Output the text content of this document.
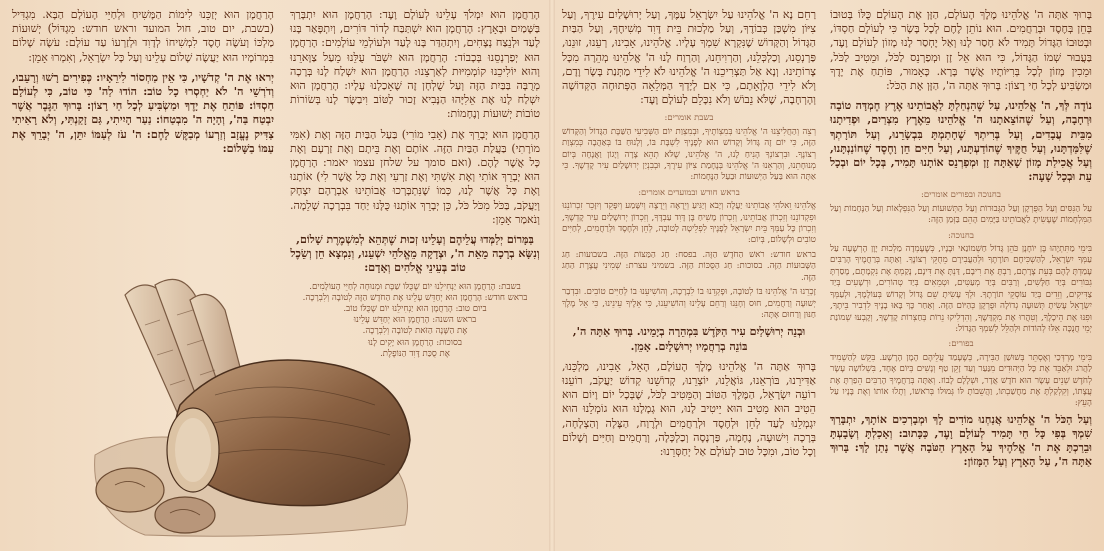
בָּרוּךְ אַתָּה ה' אֱלֹהֵינוּ מֶלֶךְ הָעוֹלָם, הַזָּן אֶת הָעוֹלָם כֻּלּוֹ בְּטוּבוֹ בְּחֵן בְּחֶסֶד וּבְרַחֲמִים. הוּא נוֹתֵן לֶחֶם לְכָל בָּשָׂר כִּי לְעוֹלָם חַסְדּוֹ, וּבְטוּבוֹ הַגָּדוֹל תָּמִיד לֹא חָסַר לָנוּ וְאַל יֶחְסַר לָנוּ מָזוֹן לְעוֹלָם וָעֶד, בַּעֲבוּר שְׁמוֹ הַגָּדוֹל, כִּי הוּא אֵל זָן וּמְפַרְנֵס לַכֹּל, וּמֵטִיב לַכֹּל, וּמֵכִין מָזוֹן לְכָל בְּרִיּוֹתָיו אֲשֶׁר בָּרָא. כָּאָמוּר, פּוֹתֵחַ אֶת יָדֶךָ וּמַשְׂבִּיעַ לְכָל חַי רָצוֹן: בָּרוּךְ אַתָּה ה', הַזָּן אֶת הַכֹּל:

נוֹדֶה לְּךָ, ה' אֱלֹהֵינוּ, עַל שֶׁהִנְחַלְתָּ לַאֲבוֹתֵינוּ אֶרֶץ חֶמְדָּה טוֹבָה וּרְחָבָה, וְעַל שֶׁהוֹצֵאתָנוּ ה' אֱלֹהֵינוּ מֵאֶרֶץ מִצְרַיִם, וּפְדִיתָנוּ מִבֵּית עֲבָדִים, וְעַל בְּרִיתְךָ שֶׁחָתַמְתָּ בִּבְשָׂרֵנוּ, וְעַל תּוֹרָתְךָ שֶׁלִּמַּדְתָּנוּ, וְעַל חֻקֶּיךָ שֶׁהוֹדַעְתָּנוּ, וְעַל חַיִּים חֵן וָחֶסֶד שֶׁחוֹנַנְתָּנוּ, וְעַל אֲכִילַת מָזוֹן שָׁאַתָּה זָן וּמְפַרְנֵס אוֹתָנוּ תָּמִיד, בְּכָל יוֹם וּבְכָל עֵת וּבְכָל שָׁעָה:

בחנוכה ובפורים אומרים:

עַל הַנִּסִּים וְעַל הַפֻּרְקָן וְעַל הַגְּבוּרוֹת וְעַל הַתְּשׁוּעוֹת וְעַל הַנִּפְלָאוֹת וְעַל הַנֶּחָמוֹת וְעַל הַמִּלְחָמוֹת שֶׁעָשִׂיתָ לַאֲבוֹתֵינוּ בַּיָּמִים הָהֵם בַּזְּמַן הַזֶּה:

בחנוכה:

בִּימֵי מַתִּתְיָהוּ בֶּן יוֹחָנָן כֹּהֵן גָּדוֹל חַשְׁמוֹנַאי וּבָנָיו, כְּשֶׁעָמְדָה מַלְכוּת יָוָן הָרְשָׁעָה עַל עַמְּךָ יִשְׂרָאֵל, לְהַשְׁכִּיחָם תּוֹרָתֶךָ וּלְהַעֲבִירָם מֵחֻקֵּי רְצוֹנֶךָ. וְאַתָּה בְּרַחֲמֶיךָ הָרַבִּים עָמַדְתָּ לָהֶם בְּעֵת צָרָתָם, רַבְתָּ אֶת רִיבָם, דַּנְתָּ אֶת דִּינָם, נָקַמְתָּ אֶת נִקְמָתָם, מָסַרְתָּ גִבּוֹרִים בְּיַד חַלָּשִׁים, וְרַבִּים בְּיַד מְעַטִּים, וּטְמֵאִים בְּיַד טְהוֹרִים, וּרְשָׁעִים בְּיַד צַדִּיקִים, וְזֵדִים בְּיַד עוֹסְקֵי תוֹרָתֶךָ. וּלְךָ עָשִׂיתָ שֵׁם גָּדוֹל וְקָדוֹשׁ בְּעוֹלָמֶךָ, וּלְעַמְּךָ יִשְׂרָאֵל עָשִׂיתָ תְּשׁוּעָה גְדוֹלָה וּפֻרְקָן כְּהַיּוֹם הַזֶּה. וְאַחַר כָּךְ בָּאוּ בָנֶיךָ לִדְבִיר בֵּיתֶךָ, וּפִנּוּ אֶת הֵיכָלֶךָ, וְטִהֲרוּ אֶת מִקְדָּשֶׁךָ, וְהִדְלִיקוּ נֵרוֹת בְּחַצְרוֹת קָדְשֶׁךָ, וְקָבְעוּ שְׁמוֹנַת יְמֵי חֲנֻכָּה אֵלּוּ לְהוֹדוֹת וּלְהַלֵּל לְשִׁמְךָ הַגָּדוֹל:

בפורים:

בִּימֵי מָרְדְּכַי וְאֶסְתֵּר בְּשׁוּשַׁן הַבִּירָה, כְּשֶׁעָמַד עֲלֵיהֶם הָמָן הָרָשָׁע. בִּקֵּשׁ לְהַשְׁמִיד לַהֲרֹג וּלְאַבֵּד אֶת כָּל הַיְּהוּדִים מִנַּעַר וְעַד זָקֵן טַף וְנָשִׁים בְּיוֹם אֶחָד, בִּשְׁלוֹשָׁה עָשָׂר לְחֹדֶשׁ שְׁנֵים עָשָׂר הוּא חֹדֶשׁ אֲדָר, וּשְׁלָלָם לָבוֹז. וְאַתָּה בְּרַחֲמֶיךָ הָרַבִּים הֵפַרְתָּ אֶת עֲצָתוֹ, וְקִלְקַלְתָּ אֶת מַחֲשַׁבְתּוֹ, וַהֲשֵׁבוֹתָ לּוֹ גְּמוּלוֹ בְּרֹאשׁוֹ, וְתָלוּ אוֹתוֹ וְאֶת בָּנָיו עַל הָעֵץ:

וְעַל הַכֹּל ה' אֱלֹהֵינוּ אֲנַחְנוּ מוֹדִים לָךְ וּמְבָרְכִים אוֹתָךְ, יִתְבָּרַךְ שִׁמְךָ בְּפִי כָּל חַי תָּמִיד לְעוֹלָם וָעֶד, כַּכָּתוּב: וְאָכַלְתָּ וְשָׂבָעְתָּ וּבֵרַכְתָּ אֶת ה' אֱלֹהֶיךָ עַל הָאָרֶץ הַטֹּבָה אֲשֶׁר נָתַן לָךְ: בָּרוּךְ אַתָּה ה', עַל הָאָרֶץ וְעַל הַמָּזוֹן:

רַחֵם נָא ה' אֱלֹהֵינוּ עַל יִשְׂרָאֵל עַמֶּךָ, וְעַל יְרוּשָׁלַיִם עִירֶךָ, וְעַל צִיּוֹן מִשְׁכַּן כְּבוֹדֶךָ, וְעַל מַלְכוּת בֵּית דָּוִד מְשִׁיחֶךָ, וְעַל הַבַּיִת הַגָּדוֹל וְהַקָּדוֹשׁ שֶׁנִּקְרָא שִׁמְךָ עָלָיו. אֱלֹהֵינוּ, אָבִינוּ, רְעֵנוּ, זוּנֵנוּ, פַּרְנְסֵנוּ, וְכַלְכְּלֵנוּ, וְהַרְוִיחֵנוּ, וְהַרְוַח לָנוּ ה' אֱלֹהֵינוּ מְהֵרָה מִכָּל צָרוֹתֵינוּ. וְנָא אַל תַּצְרִיכֵנוּ ה' אֱלֹהֵינוּ לֹא לִידֵי מַתְּנַת בָּשָׂר וָדָם, וְלֹא לִידֵי הַלְוָאָתָם, כִּי אִם לְיָדְךָ הַמְּלֵאָה הַפְּתוּחָה הַקְּדוֹשָׁה וְהָרְחָבָה, שֶׁלֹּא נֵבוֹשׁ וְלֹא נִכָּלֵם לְעוֹלָם וָעֶד:

בשבת אומרים:

רְצֵה וְהַחֲלִיצֵנוּ ה' אֱלֹהֵינוּ בְּמִצְוֹתֶיךָ, וּבְמִצְוַת יוֹם הַשְּׁבִיעִי הַשַּׁבָּת הַגָּדוֹל וְהַקָּדוֹשׁ הַזֶּה, כִּי יוֹם זֶה גָּדוֹל וְקָדוֹשׁ הוּא לְפָנֶיךָ לִשְׁבָּת בּוֹ, וְלָנוּחַ בּוֹ בְּאַהֲבָה כְּמִצְוַת רְצוֹנֶךָ. וּבִרְצוֹנְךָ הָנִיחַ לָנוּ, ה' אֱלֹהֵינוּ, שֶׁלֹּא תְהֵא צָרָה וְיָגוֹן וַאֲנָחָה בְּיוֹם מְנוּחָתֵנוּ, וְהַרְאֵנוּ ה' אֱלֹהֵינוּ בְּנֶחָמַת צִיּוֹן עִירֶךָ, וּבְבִנְיַן יְרוּשָׁלַיִם עִיר קָדְשֶׁךָ. כִּי אַתָּה הוּא בַּעַל הַיְשׁוּעוֹת וּבַעַל הַנֶּחָמוֹת:

בראש חודש ובמועדים אומרים:

אֱלֹהֵינוּ וֵאלֹהֵי אֲבוֹתֵינוּ יַעֲלֶה וְיָבֹא וְיַגִּיעַ וְיֵרָאֶה וְיֵרָצֶה וְיִשָּׁמַע וְיִפָּקֵד וְיִזָּכֵר זִכְרוֹנֵנוּ וּפִקְדוֹנֵנוּ וְזִכְרוֹן אֲבוֹתֵינוּ, וְזִכְרוֹן מָשִׁיחַ בֶּן דָּוִד עַבְדֶּךָ, וְזִכְרוֹן יְרוּשָׁלַיִם עִיר קָדְשֶׁךָ, וְזִכְרוֹן כָּל עַמְּךָ בֵּית יִשְׂרָאֵל לְפָנֶיךָ לִפְלֵיטָה לְטוֹבָה, לְחֵן וּלְחֶסֶד וּלְרַחֲמִים, לְחַיִּים טוֹבִים וּלְשָׁלוֹם, בְּיוֹם:

בראש חודש: רֹאשׁ הַחֹדֶשׁ הַזֶּה. בפסח: חַג הַמַּצּוֹת הַזֶּה. בשבועות: חַג הַשָּׁבוּעוֹת הַזֶּה. בסוכות: חַג הַסֻּכּוֹת הַזֶּה. בשמיני עצרת: שְׁמִינִי עֲצֶרֶת הַחַג הַזֶּה.

זָכְרֵנוּ ה' אֱלֹהֵינוּ בּוֹ לְטוֹבָה, וּפָקְדֵנוּ בוֹ לִבְרָכָה, וְהוֹשִׁיעֵנוּ בוֹ לְחַיִּים טוֹבִים. וּבִדְבַר יְשׁוּעָה וְרַחֲמִים, חוּס וְחָנֵּנוּ וְרַחֵם עָלֵינוּ וְהוֹשִׁיעֵנוּ, כִּי אֵלֶיךָ עֵינֵינוּ, כִּי אֵל מֶלֶךְ חַנּוּן וְרַחוּם אָתָּה:

וּבְנֵה יְרוּשָׁלַיִם עִיר הַקֹּדֶשׁ בִּמְהֵרָה בְיָמֵינוּ. בָּרוּךְ אַתָּה ה', בּוֹנֵה בְרַחֲמָיו יְרוּשָׁלָיִם. אָמֵן.

בָּרוּךְ אַתָּה ה' אֱלֹהֵינוּ מֶלֶךְ הָעוֹלָם, הָאֵל, אָבִינוּ, מַלְכֵּנוּ, אַדִּירֵנוּ, בּוֹרְאֵנוּ, גּוֹאֲלֵנוּ, יוֹצְרֵנוּ, קְדוֹשֵׁנוּ קְדוֹשׁ יַעֲקֹב, רוֹעֵנוּ רוֹעֵה יִשְׂרָאֵל, הַמֶּלֶךְ הַטּוֹב וְהַמֵּטִיב לַכֹּל, שֶׁבְּכָל יוֹם וָיוֹם הוּא הֵטִיב הוּא מֵטִיב הוּא יֵיטִיב לָנוּ, הוּא גְמָלָנוּ הוּא גוֹמְלֵנוּ הוּא יִגְמְלֵנוּ לָעַד לְחֵן וּלְחֶסֶד וּלְרַחֲמִים וּלְרֶוַח, הַצָּלָה וְהַצְלָחָה, בְּרָכָה וִישׁוּעָה, נֶחָמָה, פַּרְנָסָה וְכַלְכָּלָה, וְרַחֲמִים וְחַיִּים וְשָׁלוֹם וְכָל טוֹב, וּמִכָּל טוּב לְעוֹלָם אַל יְחַסְּרֵנוּ:

הָרַחֲמָן הוּא יִמְלֹךְ עָלֵינוּ לְעוֹלָם וָעֶד: הָרַחֲמָן הוּא יִתְבָּרַךְ בַּשָּׁמַיִם וּבָאָרֶץ: הָרַחֲמָן הוּא יִשְׁתַּבַּח לְדוֹר דּוֹרִים, וְיִתְפָּאַר בָּנוּ לָעַד וּלְנֵצַח נְצָחִים, וְיִתְהַדַּר בָּנוּ לָעַד וּלְעוֹלְמֵי עוֹלָמִים: הָרַחֲמָן הוּא יְפַרְנְסֵנוּ בְּכָבוֹד: הָרַחֲמָן הוּא יִשְׁבֹּר עֻלֵּנוּ מֵעַל צַוָּארֵנוּ וְהוּא יוֹלִיכֵנוּ קוֹמְמִיּוּת לְאַרְצֵנוּ: הָרַחֲמָן הוּא יִשְׁלַח לָנוּ בְּרָכָה מְרֻבָּה בַּבַּיִת הַזֶּה וְעַל שֻׁלְחָן זֶה שֶׁאָכַלְנוּ עָלָיו: הָרַחֲמָן הוּא יִשְׁלַח לָנוּ אֶת אֵלִיָּהוּ הַנָּבִיא זָכוּר לַטּוֹב וִיבַשֶּׂר לָנוּ בְּשׂוֹרוֹת טוֹבוֹת יְשׁוּעוֹת וְנֶחָמוֹת:

הָרַחֲמָן הוּא יְבָרֵךְ אֶת (אָבִי מוֹרִי) בַּעַל הַבַּיִת הַזֶּה וְאֶת (אִמִּי מוֹרָתִי) בַּעֲלַת הַבַּיִת הַזֶּה. אוֹתָם וְאֶת בֵּיתָם וְאֶת זַרְעָם וְאֶת כָּל אֲשֶׁר לָהֶם. (ואם סומך על שלחן עצמו יאמר: הָרַחֲמָן הוּא יְבָרֵךְ אוֹתִי וְאֶת אִשְׁתִּי וְאֶת זַרְעִי וְאֶת כָּל אֲשֶׁר לִי) אוֹתָנוּ וְאֶת כָּל אֲשֶׁר לָנוּ, כְּמוֹ שֶׁנִּתְבָּרְכוּ אֲבוֹתֵינוּ אַבְרָהָם יִצְחָק וְיַעֲקֹב, בַּכֹּל מִכֹּל כֹּל, כֵּן יְבָרֵךְ אוֹתָנוּ כֻּלָּנוּ יַחַד בִּבְרָכָה שְׁלֵמָה. וְנֹאמַר אָמֵן:

בַּמָּרוֹם יְלַמְּדוּ עֲלֵיהֶם וְעָלֵינוּ זְכוּת שֶׁתְּהֵא לְמִשְׁמֶרֶת שָׁלוֹם, וְנִשָּׂא בְרָכָה מֵאֵת ה', וּצְדָקָה מֵאֱלֹהֵי יִשְׁעֵנוּ, וְנִמְצָא חֵן וְשֵׂכֶל טוֹב בְּעֵינֵי אֱלֹהִים וְאָדָם:
בשבת: הָרַחֲמָן הוּא יַנְחִילֵנוּ יוֹם שֶׁכֻּלּוֹ שַׁבָּת וּמְנוּחָה לְחַיֵּי הָעוֹלָמִים.
בראש חודש: הָרַחֲמָן הוּא יְחַדֵּשׁ עָלֵינוּ אֶת הַחֹדֶשׁ הַזֶּה לְטוֹבָה וְלִבְרָכָה.
ביום טוב: הָרַחֲמָן הוּא יַנְחִילֵנוּ יוֹם שֶׁכֻּלּוֹ טוֹב.
בראש השנה: הָרַחֲמָן הוּא יְחַדֵּשׁ עָלֵינוּ
אֶת הַשָּׁנָה הַזֹּאת לְטוֹבָה וְלִבְרָכָה.
בסוכות: הָרַחֲמָן הוּא יָקִים לָנוּ
אֶת סֻכַּת דָּוִד הַנּוֹפֶלֶת.

הָרַחֲמָן הוּא יְזַכֵּנוּ לִימוֹת הַמָּשִׁיחַ וּלְחַיֵּי הָעוֹלָם הַבָּא. מִגְדִּיל (בשבת, יום טוב, חול המועד וראש חודש: מִגְדּוֹל) יְשׁוּעוֹת מַלְכּוֹ וְעֹשֶׂה חֶסֶד לִמְשִׁיחוֹ לְדָוִד וּלְזַרְעוֹ עַד עוֹלָם: עֹשֶׂה שָׁלוֹם בִּמְרוֹמָיו הוּא יַעֲשֶׂה שָׁלוֹם עָלֵינוּ וְעַל כָּל יִשְׂרָאֵל, וְאִמְרוּ אָמֵן:

יְראוּ אֶת ה' קְדֹשָׁיו, כִּי אֵין מַחְסוֹר לִירֵאָיו: כְּפִירִים רָשׁוּ וְרָעֵבוּ, וְדֹרְשֵׁי ה' לֹא יַחְסְרוּ כָל טוֹב: הוֹדוּ לַה' כִּי טוֹב, כִּי לְעוֹלָם חַסְדּוֹ: פּוֹתֵחַ אֶת יָדֶךָ וּמַשְׂבִּיעַ לְכָל חַי רָצוֹן: בָּרוּךְ הַגֶּבֶר אֲשֶׁר יִבְטַח בַּה', וְהָיָה ה' מִבְטַחוֹ: נַעַר הָיִיתִי, גַּם זָקַנְתִּי, וְלֹא רָאִיתִי צַדִּיק נֶעֱזָב וְזַרְעוֹ מְבַקֶּשׁ לָחֶם: ה' עֹז לְעַמּוֹ יִתֵּן, ה' יְבָרֵךְ אֶת עַמּוֹ בַשָּׁלוֹם:
